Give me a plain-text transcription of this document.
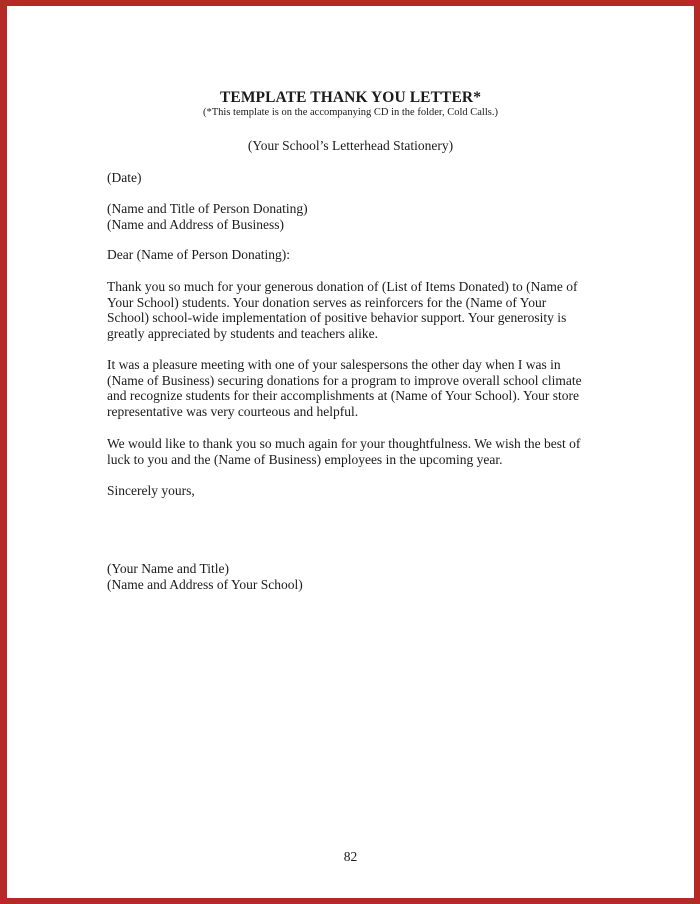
TEMPLATE THANK YOU LETTER*
(*This template is on the accompanying CD in the folder, Cold Calls.)
(Your School’s Letterhead Stationery)

(Date)

(Name and Title of Person Donating)

(Name and Address of Business)

Dear (Name of Person Donating):

Thank you so much for your generous donation of (List of Items Donated) to (Name of

Your School) students. Your donation serves as reinforcers for the (Name of Your

School) school-wide implementation of positive behavior support. Your generosity is

greatly appreciated by students and teachers alike.

It was a pleasure meeting with one of your salespersons the other day when I was in

(Name of Business) securing donations for a program to improve overall school climate

and recognize students for their accomplishments at (Name of Your School). Your store

representative was very courteous and helpful.

We would like to thank you so much again for your thoughtfulness. We wish the best of

luck to you and the (Name of Business) employees in the upcoming year.

Sincerely yours,

(Your Name and Title)

(Name and Address of Your School)

82
